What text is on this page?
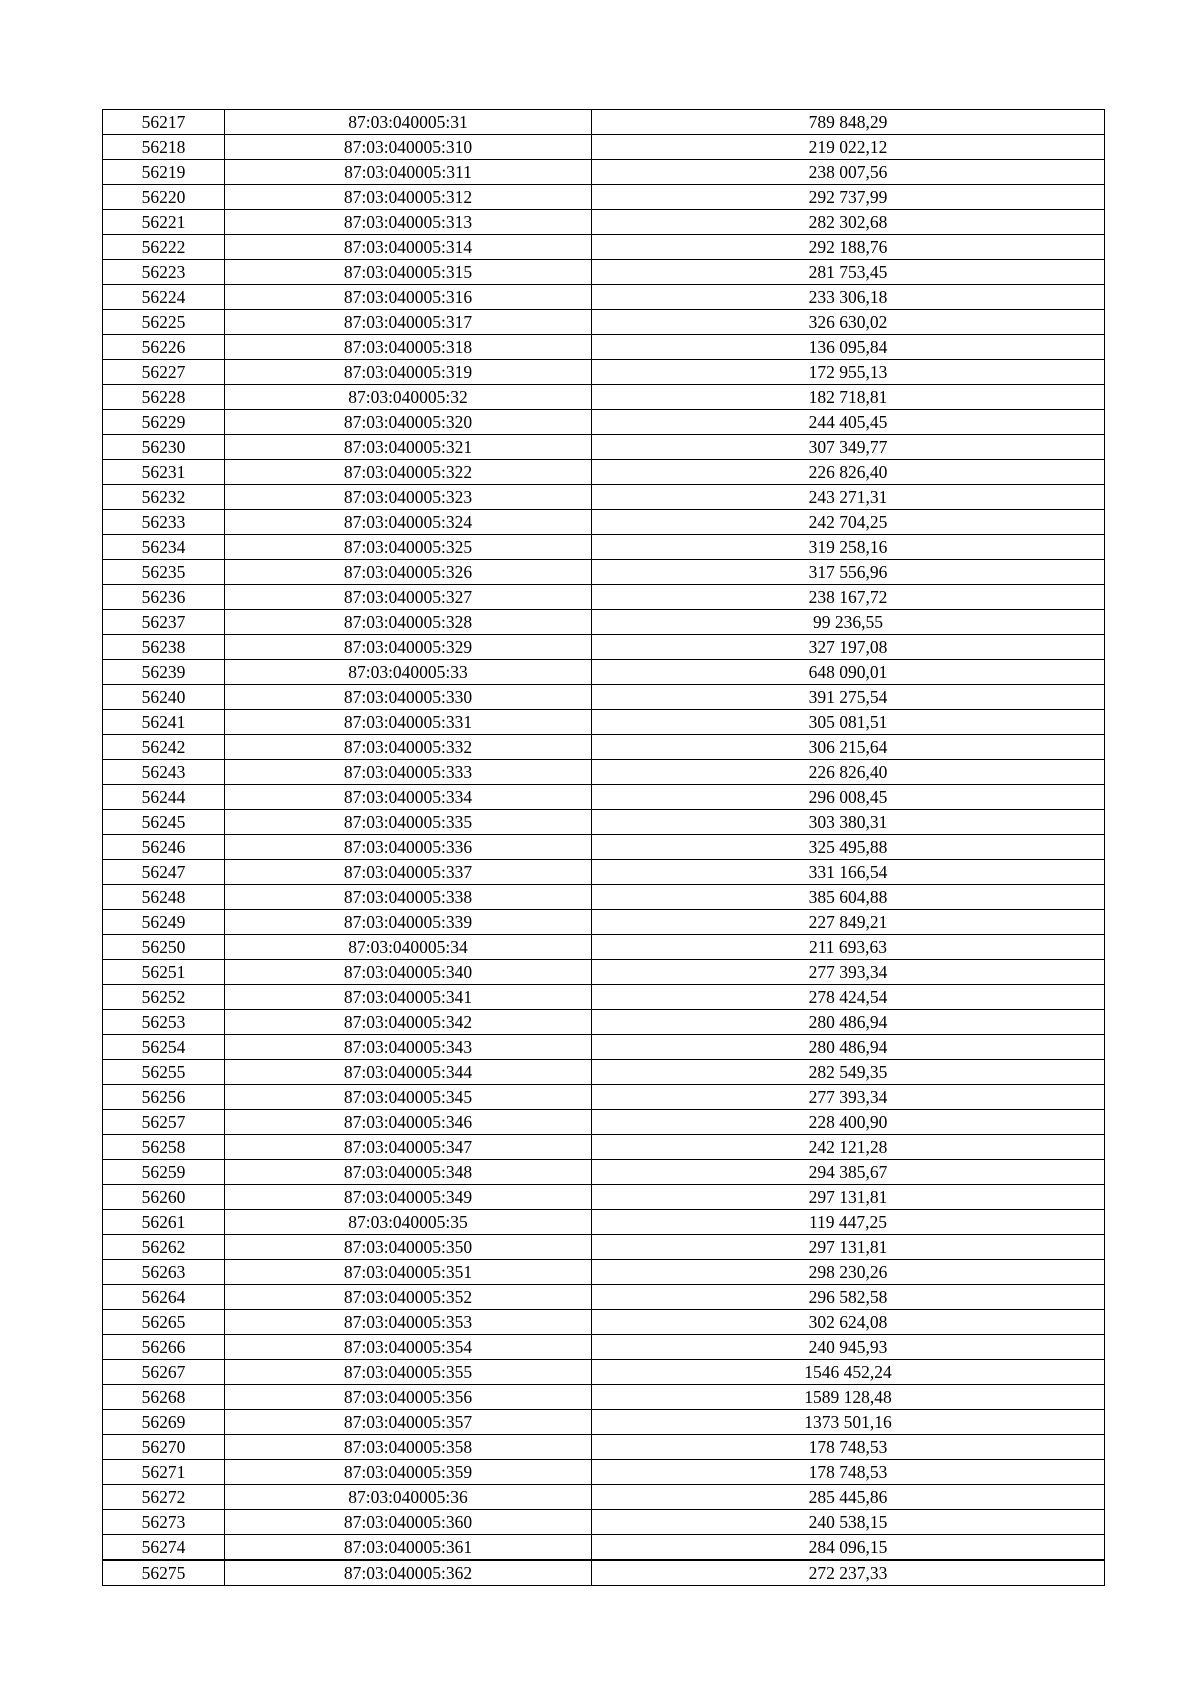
56217	87:03:040005:31	789 848,29
56218	87:03:040005:310	219 022,12
56219	87:03:040005:311	238 007,56
56220	87:03:040005:312	292 737,99
56221	87:03:040005:313	282 302,68
56222	87:03:040005:314	292 188,76
56223	87:03:040005:315	281 753,45
56224	87:03:040005:316	233 306,18
56225	87:03:040005:317	326 630,02
56226	87:03:040005:318	136 095,84
56227	87:03:040005:319	172 955,13
56228	87:03:040005:32	182 718,81
56229	87:03:040005:320	244 405,45
56230	87:03:040005:321	307 349,77
56231	87:03:040005:322	226 826,40
56232	87:03:040005:323	243 271,31
56233	87:03:040005:324	242 704,25
56234	87:03:040005:325	319 258,16
56235	87:03:040005:326	317 556,96
56236	87:03:040005:327	238 167,72
56237	87:03:040005:328	99 236,55
56238	87:03:040005:329	327 197,08
56239	87:03:040005:33	648 090,01
56240	87:03:040005:330	391 275,54
56241	87:03:040005:331	305 081,51
56242	87:03:040005:332	306 215,64
56243	87:03:040005:333	226 826,40
56244	87:03:040005:334	296 008,45
56245	87:03:040005:335	303 380,31
56246	87:03:040005:336	325 495,88
56247	87:03:040005:337	331 166,54
56248	87:03:040005:338	385 604,88
56249	87:03:040005:339	227 849,21
56250	87:03:040005:34	211 693,63
56251	87:03:040005:340	277 393,34
56252	87:03:040005:341	278 424,54
56253	87:03:040005:342	280 486,94
56254	87:03:040005:343	280 486,94
56255	87:03:040005:344	282 549,35
56256	87:03:040005:345	277 393,34
56257	87:03:040005:346	228 400,90
56258	87:03:040005:347	242 121,28
56259	87:03:040005:348	294 385,67
56260	87:03:040005:349	297 131,81
56261	87:03:040005:35	119 447,25
56262	87:03:040005:350	297 131,81
56263	87:03:040005:351	298 230,26
56264	87:03:040005:352	296 582,58
56265	87:03:040005:353	302 624,08
56266	87:03:040005:354	240 945,93
56267	87:03:040005:355	1546 452,24
56268	87:03:040005:356	1589 128,48
56269	87:03:040005:357	1373 501,16
56270	87:03:040005:358	178 748,53
56271	87:03:040005:359	178 748,53
56272	87:03:040005:36	285 445,86
56273	87:03:040005:360	240 538,15
56274	87:03:040005:361	284 096,15
56275	87:03:040005:362	272 237,33
